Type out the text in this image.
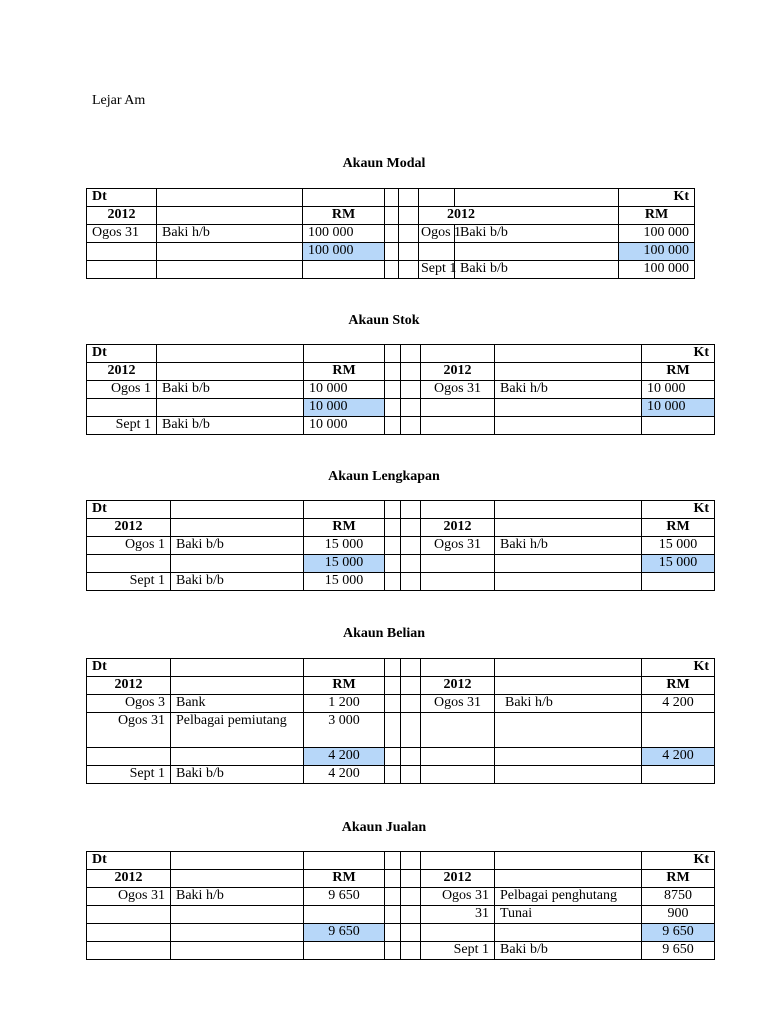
Lejar Am
Akaun Modal
Dt							Kt
2012		RM			2012		RM
Ogos 31	Baki h/b	100 000			Ogos 1	Baki b/b	100 000
		100 000					100 000
					Sept 1	Baki b/b	100 000
Akaun Stok
Dt							Kt
2012		RM			2012		RM
Ogos 1	Baki b/b	10 000			Ogos 31	Baki h/b	10 000
		10 000					10 000
Sept 1	Baki b/b	10 000					
Akaun Lengkapan
Dt							Kt
2012		RM			2012		RM
Ogos 1	Baki b/b	15 000			Ogos 31	Baki h/b	15 000
		15 000					15 000
Sept 1	Baki b/b	15 000					
Akaun Belian
Dt							Kt
2012		RM			2012		RM
Ogos 3	Bank	1 200			Ogos 31	Baki h/b	4 200
Ogos 31	Pelbagai pemiutang	3 000					
		4 200					4 200
Sept 1	Baki b/b	4 200					
Akaun Jualan
Dt							Kt
2012		RM			2012		RM
Ogos 31	Baki h/b	9 650			Ogos 31	Pelbagai penghutang	8750
					31	Tunai	900
		9 650					9 650
					Sept 1	Baki b/b	9 650
